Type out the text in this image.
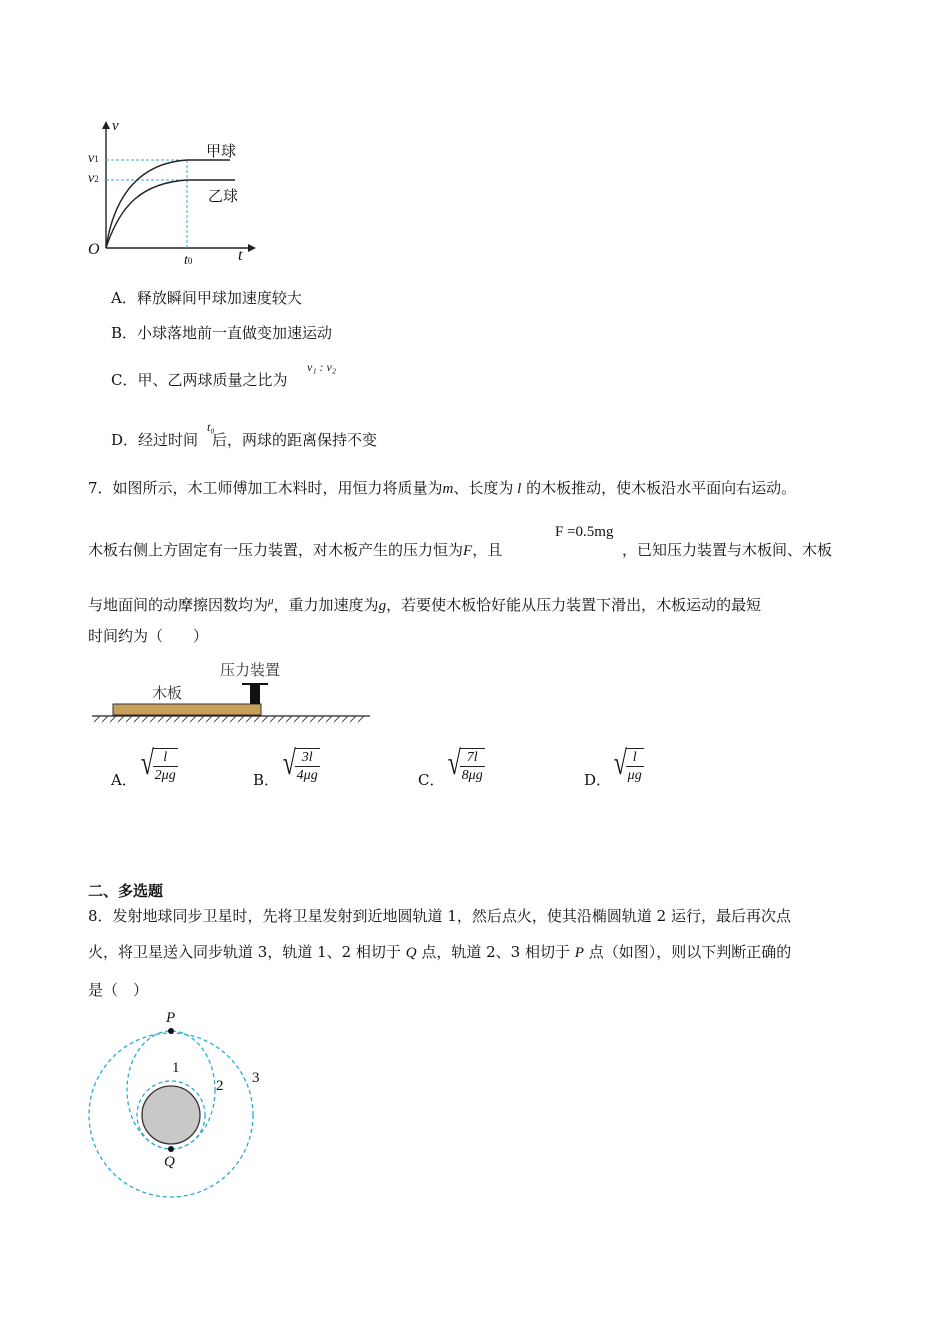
v
t
O
v1
v2
t0
甲球
乙球
A．释放瞬间甲球加速度较大
B．小球落地前一直做变加速运动
C．甲、乙两球质量之比为
v₁ : v₂
D．经过时间 后，两球的距离保持不变
t₀
7．如图所示，木工师傅加工木料时，用恒力将质量为m、长度为 l 的木板推动，使木板沿水平面向右运动。
F =0.5mg
木板右侧上方固定有一压力装置，对木板产生的压力恒为F，且	，已知压力装置与木板间、木板
与地面间的动摩擦因数均为$^\mu$，重力加速度为g，若要使木板恰好能从压力装置下滑出，木板运动的最短
时间约为（　　）
压力装置
木板
A． √
$\frac{l}{2\mu g}$	B． √
$\frac{3l}{4\mu g}$	C． √
$\frac{7l}{8\mu g}$	D． √
$\frac{l}{\mu g}$
二、多选题
8．发射地球同步卫星时，先将卫星发射到近地圆轨道 1，然后点火，使其沿椭圆轨道 2 运行，最后再次点
火，将卫星送入同步轨道 3，轨道 1、2 相切于 Q 点，轨道 2、3 相切于 P 点（如图），则以下判断正确的
是（　）
P
Q
1
2 3
